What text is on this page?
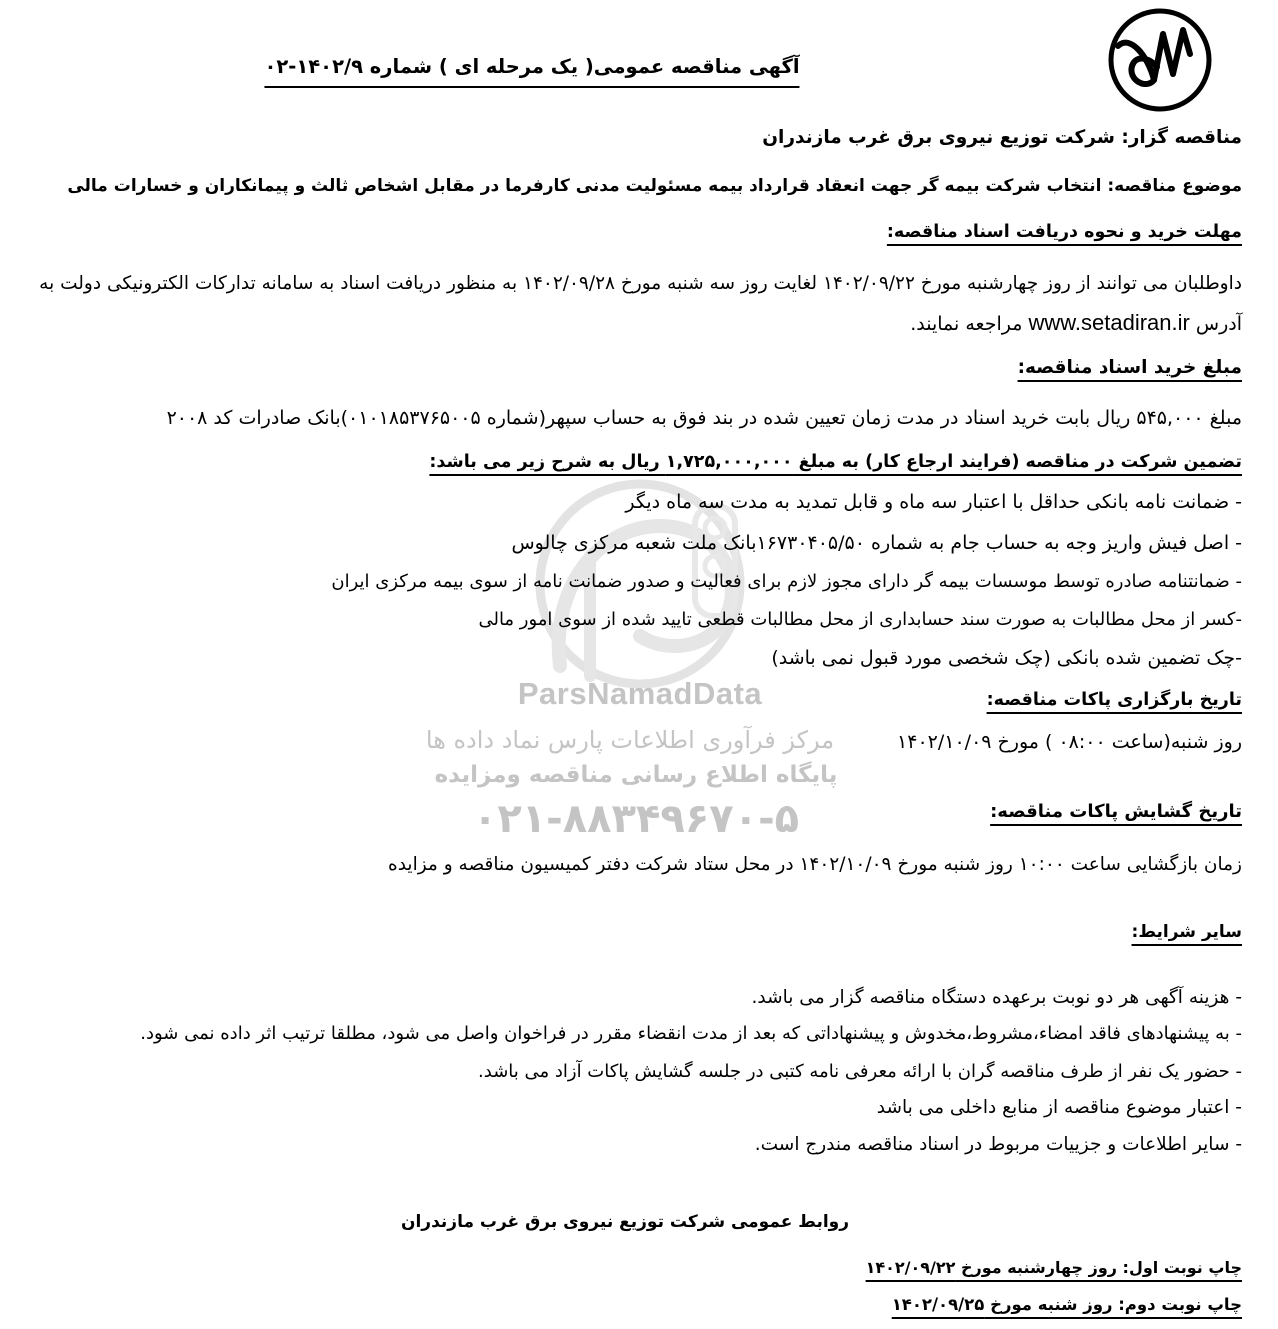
ParsNamadData
مرکز فرآوری اطلاعات پارس نماد داده ها
پایگاه اطلاع رسانی مناقصه ومزایده
۰۲۱-۸۸۳۴۹۶۷۰-۵
آگهی مناقصه عمومی( یک مرحله ای ) شماره ۱۴۰۲/۹-۰۲
مناقصه گزار: شرکت توزیع نیروی برق غرب مازندران
موضوع مناقصه: انتخاب شرکت بیمه گر جهت انعقاد قرارداد بیمه مسئولیت مدنی کارفرما در مقابل اشخاص ثالث و پیمانکاران و خسارات مالی
مهلت خرید و نحوه دریافت اسناد مناقصه:
داوطلبان می توانند از روز چهارشنبه مورخ ۱۴۰۲/۰۹/۲۲ لغایت روز سه شنبه مورخ ۱۴۰۲/۰۹/۲۸ به منظور دریافت اسناد به سامانه تدارکات الکترونیکی دولت به
آدرس www.setadiran.ir مراجعه نمایند.
مبلغ خرید اسناد مناقصه:
مبلغ ۵۴۵,۰۰۰ ریال بابت خرید اسناد در مدت زمان تعیین شده در بند فوق به حساب سپهر(شماره ۰۱۰۱۸۵۳۷۶۵۰۰۵)بانک صادرات کد ۲۰۰۸
تضمین شرکت در مناقصه (فرایند ارجاع کار) به مبلغ ۱,۷۲۵,۰۰۰,۰۰۰ ریال به شرح زیر می باشد:
- ضمانت نامه بانکی حداقل با اعتبار سه ماه و قابل تمدید به مدت سه ماه دیگر
- اصل فیش واریز وجه به حساب جام به شماره ۱۶۷۳۰۴۰۵/۵۰بانک ملت شعبه مرکزی چالوس
- ضمانتنامه صادره توسط موسسات بیمه گر دارای مجوز لازم برای فعالیت و صدور ضمانت نامه از سوی بیمه مرکزی ایران
-کسر از محل مطالبات به صورت سند حسابداری از محل مطالبات قطعی تایید شده از سوی امور مالی
-چک تضمین شده بانکی (چک شخصی مورد قبول نمی باشد)
تاریخ بارگزاری پاکات مناقصه:
روز شنبه(ساعت ۰۸:۰۰ ) مورخ ۱۴۰۲/۱۰/۰۹
تاریخ گشایش پاکات مناقصه:
زمان بازگشایی ساعت ۱۰:۰۰ روز شنبه مورخ ۱۴۰۲/۱۰/۰۹ در محل ستاد شرکت دفتر کمیسیون مناقصه و مزایده
سایر شرایط:
- هزینه آگهی هر دو نوبت برعهده دستگاه مناقصه گزار می باشد.
- به پیشنهادهای فاقد امضاء،مشروط،مخدوش و پیشنهاداتی که بعد از مدت انقضاء مقرر در فراخوان واصل می شود، مطلقا ترتیب اثر داده نمی شود.
- حضور یک نفر از طرف مناقصه گران با ارائه معرفی نامه کتبی در جلسه گشایش پاکات آزاد می باشد.
- اعتبار موضوع مناقصه از منابع داخلی می باشد
- سایر اطلاعات و جزییات مربوط در اسناد مناقصه مندرج است.
روابط عمومی شرکت توزیع نیروی برق غرب مازندران
چاپ نوبت اول: روز چهارشنبه مورخ ۱۴۰۲/۰۹/۲۲
چاپ نوبت دوم: روز شنبه مورخ ۱۴۰۲/۰۹/۲۵
